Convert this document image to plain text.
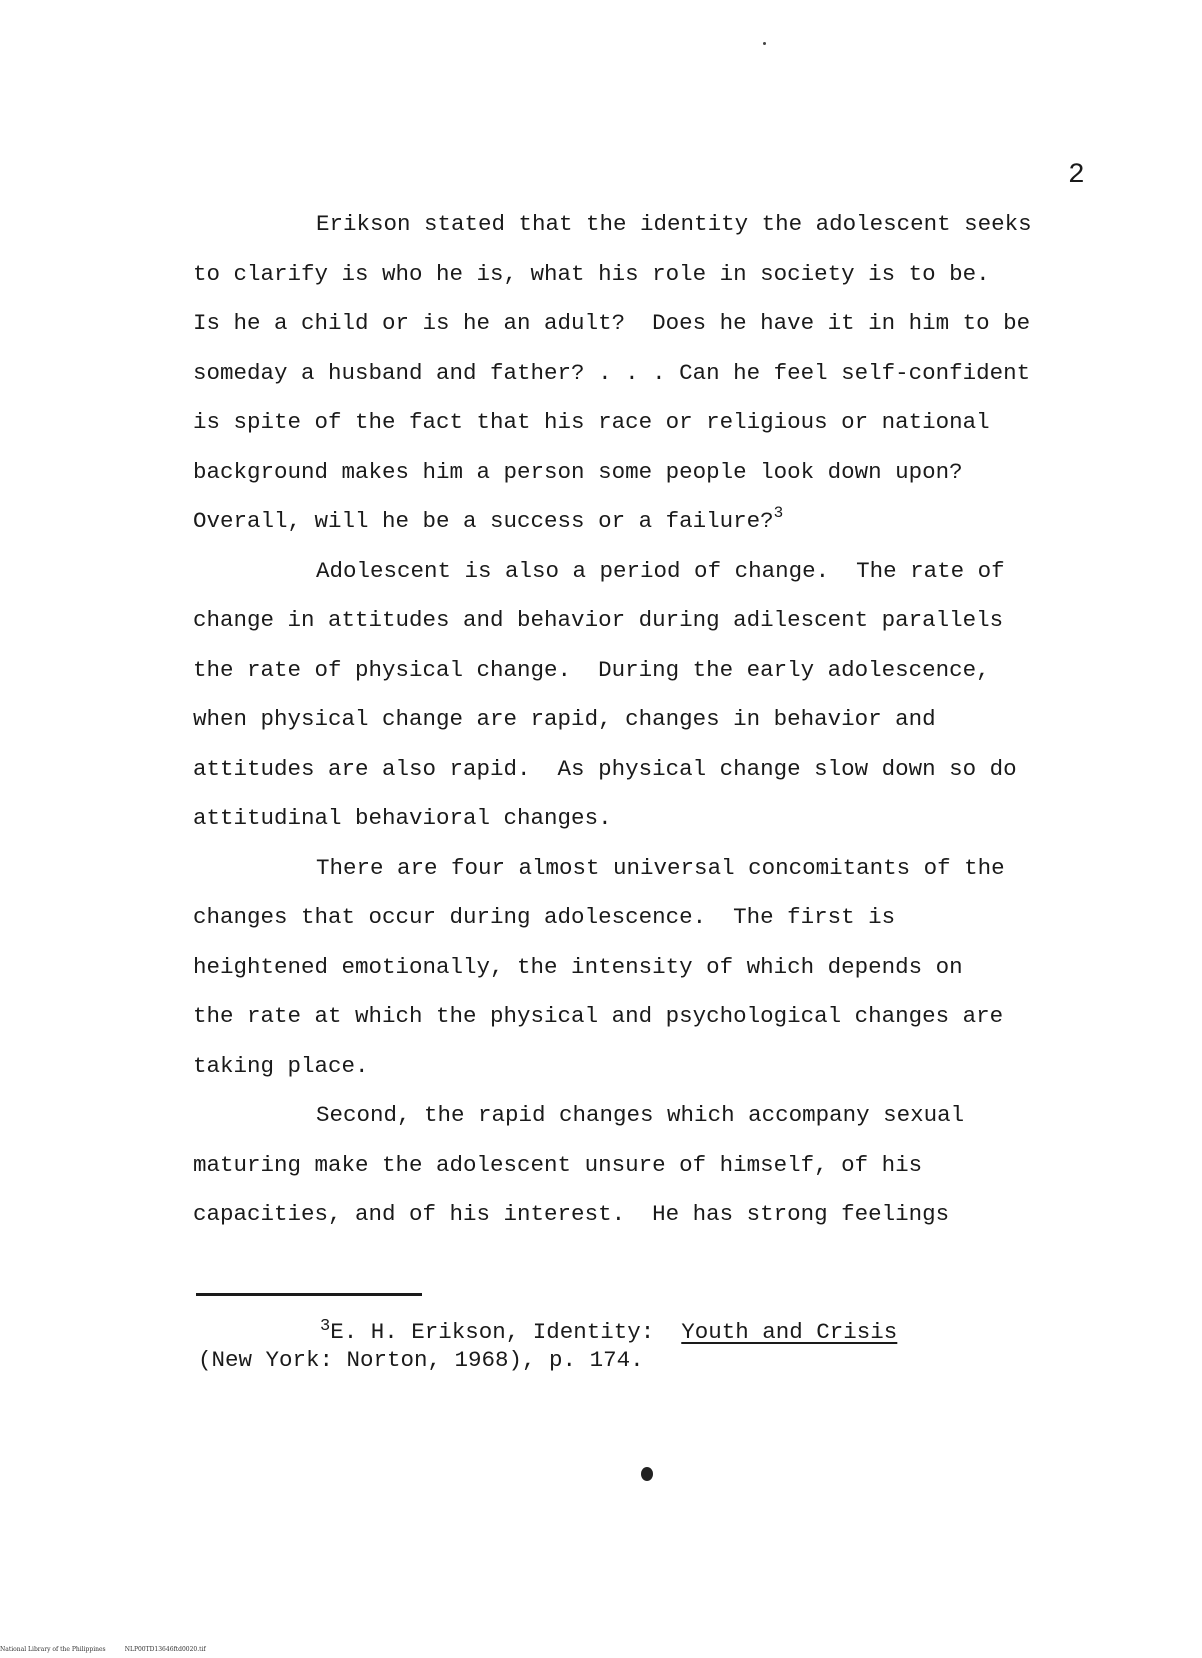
2
Erikson stated that the identity the adolescent seeks
to clarify is who he is, what his role in society is to be.
Is he a child or is he an adult?  Does he have it in him to be
someday a husband and father? . . . Can he feel self-confident
is spite of the fact that his race or religious or national
background makes him a person some people look down upon?
Overall, will he be a success or a failure?$^3$
Adolescent is also a period of change.  The rate of
change in attitudes and behavior during adilescent parallels
the rate of physical change.  During the early adolescence,
when physical change are rapid, changes in behavior and
attitudes are also rapid.  As physical change slow down so do
attitudinal behavioral changes.
There are four almost universal concomitants of the
changes that occur during adolescence.  The first is
heightened emotionally, the intensity of which depends on
the rate at which the physical and psychological changes are
taking place.
Second, the rapid changes which accompany sexual
maturing make the adolescent unsure of himself, of his
capacities, and of his interest.  He has strong feelings
$^3$E. H. Erikson, Identity:  Youth and Crisis
(New York: Norton, 1968), p. 174.
National Library of the Philippines	NLP00TD13646ftd0020.tif
